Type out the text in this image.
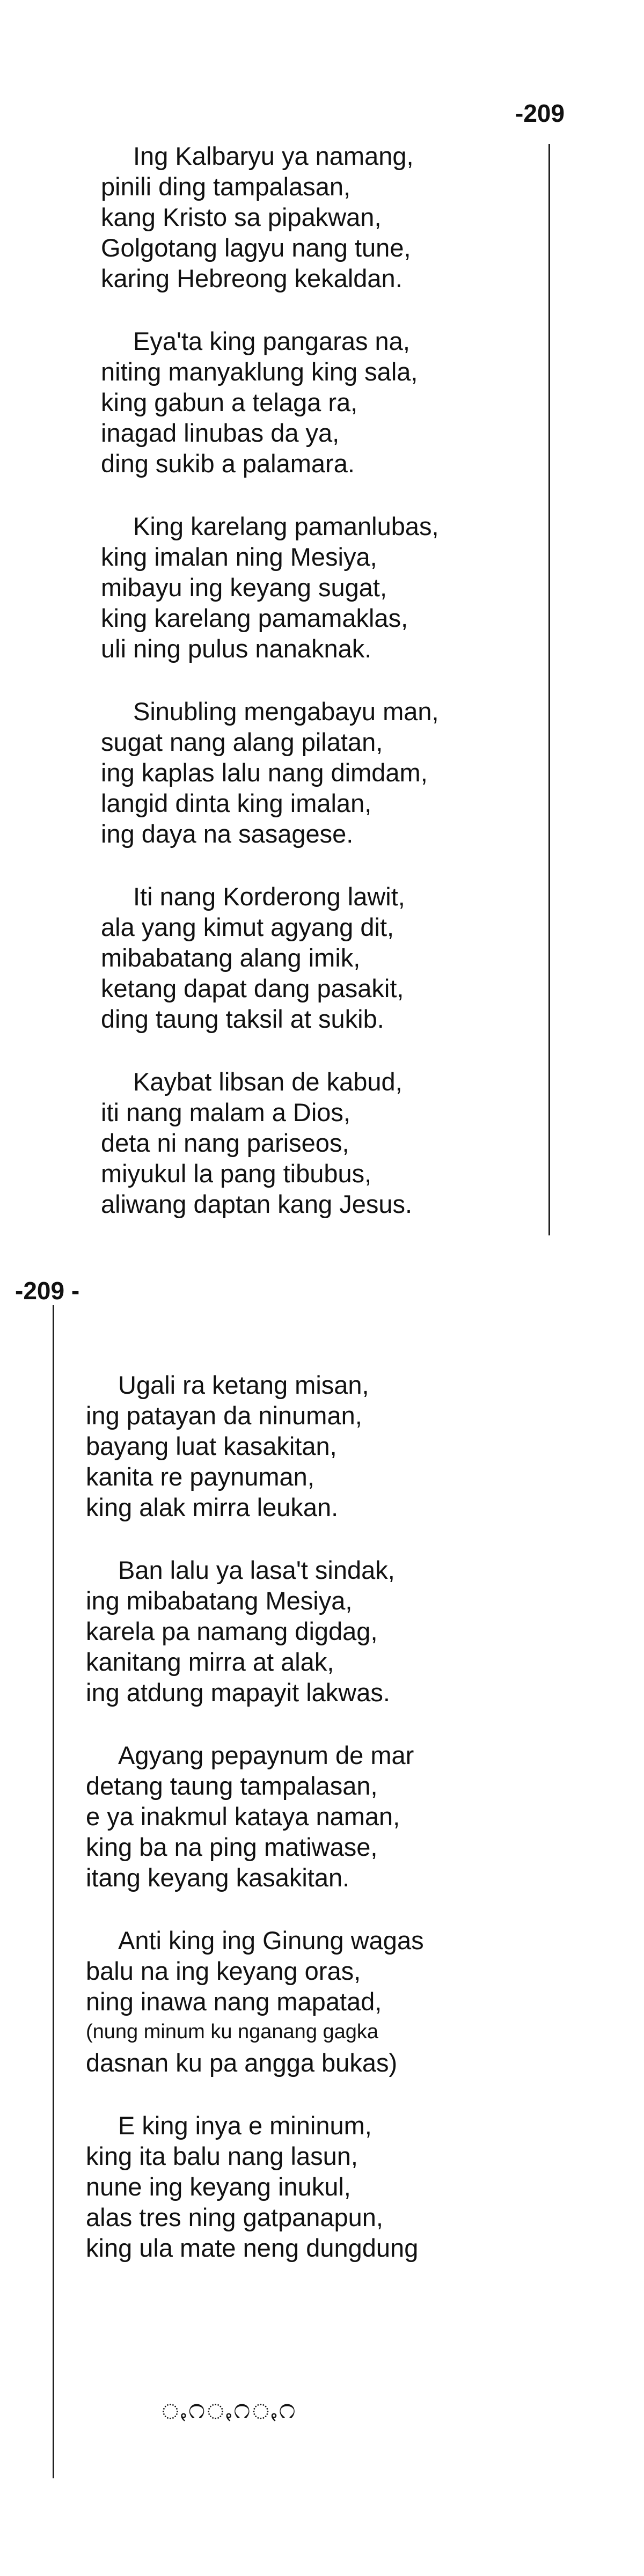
-209
Ing Kalbaryu ya namang,
pinili ding tampalasan,
kang Kristo sa pipakwan,
Golgotang lagyu nang tune,
karing Hebreong kekaldan.
Eya'ta king pangaras na,
niting manyaklung king sala,
king gabun a telaga ra,
inagad linubas da ya,
ding sukib a palamara.
King karelang pamanlubas,
king imalan ning Mesiya,
mibayu ing keyang sugat,
king karelang pamamaklas,
uli ning pulus nanaknak.
Sinubling mengabayu man,
sugat nang alang pilatan,
ing kaplas lalu nang dimdam,
langid dinta king imalan,
ing daya na sasagese.
Iti nang Korderong lawit,
ala yang kimut agyang dit,
mibabatang alang imik,
ketang dapat dang pasakit,
ding taung taksil at sukib.
Kaybat libsan de kabud,
iti nang malam a Dios,
deta ni nang pariseos,
miyukul la pang tibubus,
aliwang daptan kang Jesus.
-209 -
Ugali ra ketang misan,
ing patayan da ninuman,
bayang luat kasakitan,
kanita re paynuman,
king alak mirra leukan.
Ban lalu ya lasa't sindak,
ing mibabatang Mesiya,
karela pa namang digdag,
kanitang mirra at alak,
ing atdung mapayit lakwas.
Agyang pepaynum de mar
detang taung tampalasan,
e ya inakmul kataya naman,
king ba na ping matiwase,
itang keyang kasakitan.
Anti king ing Ginung wagas
balu na ing keyang oras,
ning inawa nang mapatad,
(nung minum ku nganang gagka
dasnan ku pa angga bukas)
E king inya e mininum,
king ita balu nang lasun,
nune ing keyang inukul,
alas tres ning gatpanapun,
king ula mate neng dungdung
ꩻ೧ꩻ೧ꩻ೧
